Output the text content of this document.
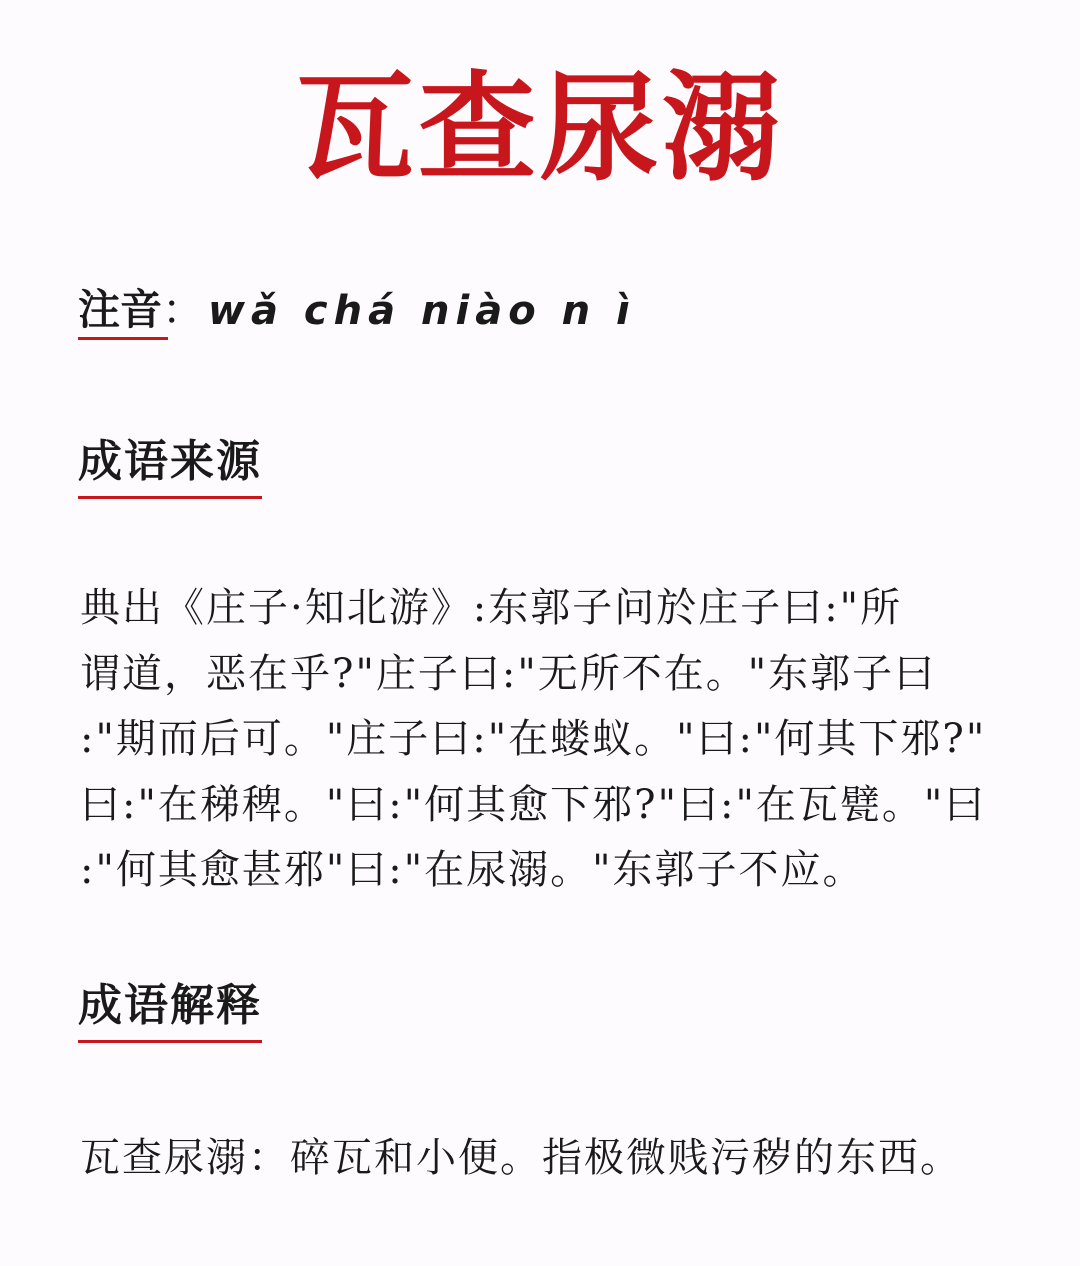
瓦查尿溺
注音： wǎ chá niào n ì
成语来源
典出《庄子·知北游》:东郭子问於庄子曰:"所
谓道，恶在乎?"庄子曰:"无所不在。"东郭子曰
:"期而后可。"庄子曰:"在蝼蚁。"曰:"何其下邪?"
曰:"在稊稗。"曰:"何其愈下邪?"曰:"在瓦甓。"曰
:"何其愈甚邪"曰:"在尿溺。"东郭子不应。
成语解释
瓦查尿溺：碎瓦和小便。指极微贱污秽的东西。
